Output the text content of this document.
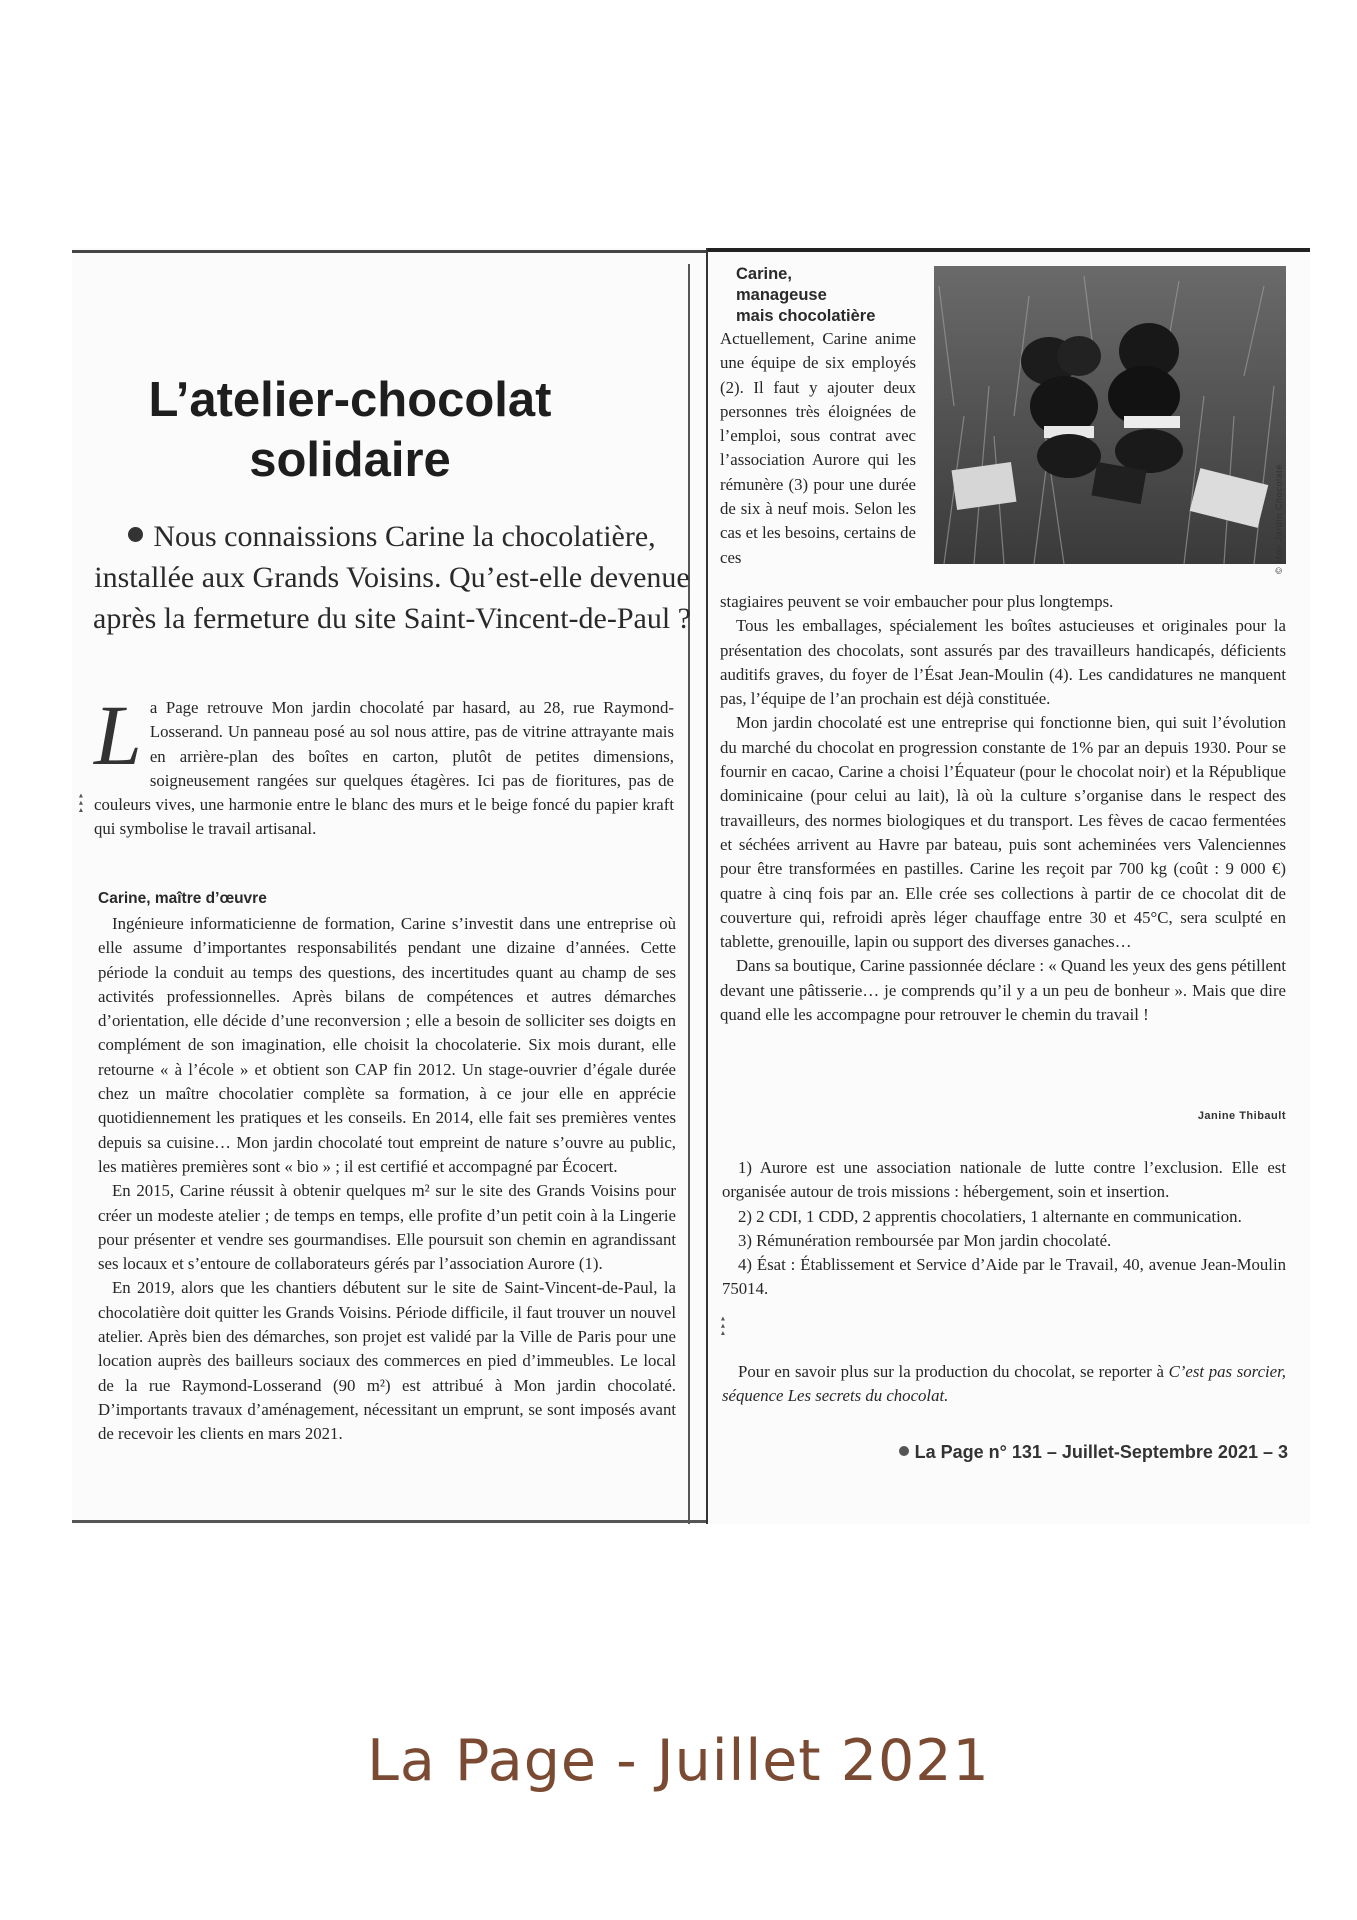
L’atelier-chocolat
solidaire

Nous connaissions Carine la chocolatière, installée aux Grands Voisins. Qu’est-elle devenue après la fermeture du site Saint-Vincent-de-Paul ?

La Page retrouve Mon jardin chocolaté par hasard, au 28, rue Raymond-Losserand. Un panneau posé au sol nous attire, pas de vitrine attrayante mais en arrière-plan des boîtes en carton, plutôt de petites dimensions, soigneusement rangées sur quelques étagères. Ici pas de fioritures, pas de couleurs vives, une harmonie entre le blanc des murs et le beige foncé du papier kraft qui symbolise le travail artisanal.

Carine, maître d’œuvre

Ingénieure informaticienne de formation, Carine s’investit dans une entreprise où elle assume d’importantes responsabilités pendant une dizaine d’années. Cette période la conduit au temps des questions, des incertitudes quant au champ de ses activités professionnelles. Après bilans de compétences et autres démarches d’orientation, elle décide d’une reconversion ; elle a besoin de solliciter ses doigts en complément de son imagination, elle choisit la chocolaterie. Six mois durant, elle retourne « à l’école » et obtient son CAP fin 2012. Un stage-ouvrier d’égale durée chez un maître chocolatier complète sa formation, à ce jour elle en apprécie quotidiennement les pratiques et les conseils. En 2014, elle fait ses premières ventes depuis sa cuisine… Mon jardin chocolaté tout empreint de nature s’ouvre au public, les matières premières sont « bio » ; il est certifié et accompagné par Écocert.

En 2015, Carine réussit à obtenir quelques m² sur le site des Grands Voisins pour créer un modeste atelier ; de temps en temps, elle profite d’un petit coin à la Lingerie pour présenter et vendre ses gourmandises. Elle poursuit son chemin en agrandissant ses locaux et s’entoure de collaborateurs gérés par l’association Aurore (1).

En 2019, alors que les chantiers débutent sur le site de Saint-Vincent-de-Paul, la chocolatière doit quitter les Grands Voisins. Période difficile, il faut trouver un nouvel atelier. Après bien des démarches, son projet est validé par la Ville de Paris pour une location auprès des bailleurs sociaux des commerces en pied d’immeubles. Le local de la rue Raymond-Losserand (90 m²) est attribué à Mon jardin chocolaté. D’importants travaux d’aménagement, nécessitant un emprunt, se sont imposés avant de recevoir les clients en mars 2021.

▸ ▸ ▸
▸ ▸ ▸
Carine,
manageuse
mais chocolatière

Actuellement, Carine anime une équipe de six employés (2). Il faut y ajouter deux personnes très éloignées de l’emploi, sous contrat avec l’association Aurore qui les rémunère (3) pour une durée de six à neuf mois. Selon les cas et les besoins, certains de ces	© Mon Jardin Chocolaté

stagiaires peuvent se voir embaucher pour plus longtemps.

Tous les emballages, spécialement les boîtes astucieuses et originales pour la présentation des chocolats, sont assurés par des travailleurs handicapés, déficients auditifs graves, du foyer de l’Ésat Jean-Moulin (4). Les candidatures ne manquent pas, l’équipe de l’an prochain est déjà constituée.

Mon jardin chocolaté est une entreprise qui fonctionne bien, qui suit l’évolution du marché du chocolat en progression constante de 1% par an depuis 1930. Pour se fournir en cacao, Carine a choisi l’Équateur (pour le chocolat noir) et la République dominicaine (pour celui au lait), là où la culture s’organise dans le respect des travailleurs, des normes biologiques et du transport. Les fèves de cacao fermentées et séchées arrivent au Havre par bateau, puis sont acheminées vers Valenciennes pour être transformées en pastilles. Carine les reçoit par 700 kg (coût : 9 000 €) quatre à cinq fois par an. Elle crée ses collections à partir de ce chocolat dit de couverture qui, refroidi après léger chauffage entre 30 et 45°C, sera sculpté en tablette, grenouille, lapin ou support des diverses ganaches…

Dans sa boutique, Carine passionnée déclare : « Quand les yeux des gens pétillent devant une pâtisserie… je comprends qu’il y a un peu de bonheur ». Mais que dire quand elle les accompagne pour retrouver le chemin du travail !

Janine Thibault

1) Aurore est une association nationale de lutte contre l’exclusion. Elle est organisée autour de trois missions : hébergement, soin et insertion.

2) 2 CDI, 1 CDD, 2 apprentis chocolatiers, 1 alternante en communication.

3) Rémunération remboursée par Mon jardin chocolaté.

4) Ésat : Établissement et Service d’Aide par le Travail, 40, avenue Jean-Moulin 75014.

Pour en savoir plus sur la production du chocolat, se reporter à C’est pas sorcier, séquence Les secrets du chocolat.

La Page n° 131 – Juillet-Septembre 2021 – 3
La Page - Juillet 2021
